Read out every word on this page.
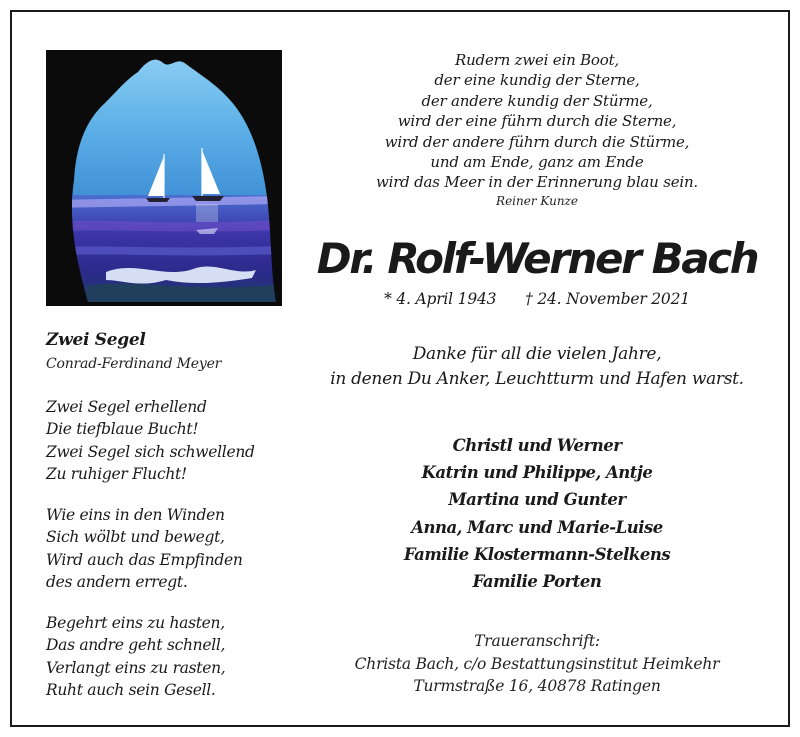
Zwei Segel
Conrad-Ferdinand Meyer
Zwei Segel erhellend
Die tiefblaue Bucht!
Zwei Segel sich schwellend
Zu ruhiger Flucht!
Wie eins in den Winden
Sich wölbt und bewegt,
Wird auch das Empfinden
des andern erregt.
Begehrt eins zu hasten,
Das andre geht schnell,
Verlangt eins zu rasten,
Ruht auch sein Gesell.
Rudern zwei ein Boot,
der eine kundig der Sterne,
der andere kundig der Stürme,
wird der eine führn durch die Sterne,
wird der andere führn durch die Stürme,
und am Ende, ganz am Ende
wird das Meer in der Erinnerung blau sein.
Reiner Kunze
Dr. Rolf-Werner Bach
* 4. April 1943 † 24. November 2021
Danke für all die vielen Jahre,
in denen Du Anker, Leuchtturm und Hafen warst.
Christl und Werner
Katrin und Philippe, Antje
Martina und Gunter
Anna, Marc und Marie-Luise
Familie Klostermann-Stelkens
Familie Porten
Traueranschrift:
Christa Bach, c/o Bestattungsinstitut Heimkehr
Turmstraße 16, 40878 Ratingen
